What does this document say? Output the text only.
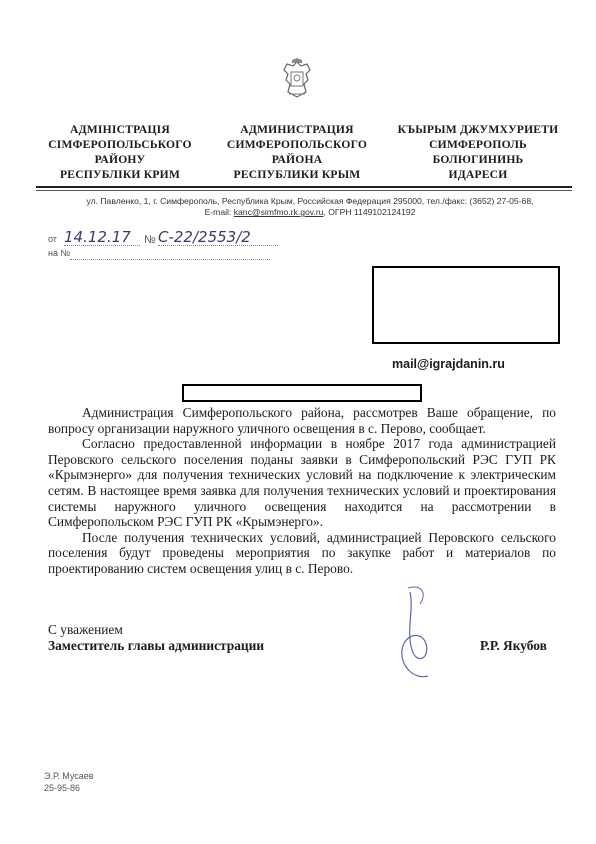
АДМІНІСТРАЦІЯ
СІМФЕРОПОЛЬСЬКОГО
РАЙОНУ
РЕСПУБЛІКИ КРИМ
АДМИНИСТРАЦИЯ
СИМФЕРОПОЛЬСКОГО
РАЙОНА
РЕСПУБЛИКИ КРЫМ
КЪЫРЫМ ДЖУМХУРИЕТИ
СИМФЕРОПОЛЬ
БОЛЮГИНИНЬ
ИДАРЕСИ
ул. Павленко, 1, г. Симферополь, Республика Крым, Российская Федерация 295000, тел./факс: (3652) 27-05-68,
E-mail: kanc@simfmo.rk.gov.ru, ОГРН 1149102124192
от 14.12.17 № С-22/2553/2
на №
mail@igrajdanin.ru

Администрация Симферопольского района, рассмотрев Ваше обращение, по вопросу организации наружного уличного освещения в с. Перово, сообщает.

Согласно предоставленной информации в ноябре 2017 года администрацией Перовского сельского поселения поданы заявки в Симферопольский РЭС ГУП РК «Крымэнерго» для получения технических условий на подключение к электрическим сетям. В настоящее время заявка для получения технических условий и проектирования системы наружного уличного освещения находится на рассмотрении в Симферопольском РЭС ГУП РК «Крымэнерго».

После получения технических условий, администрацией Перовского сельского поселения будут проведены мероприятия по закупке работ и материалов по проектированию систем освещения улиц в с. Перово.

С уважением
Заместитель главы администрации	Р.Р. Якубов
Э.Р. Мусаев
25-95-86
